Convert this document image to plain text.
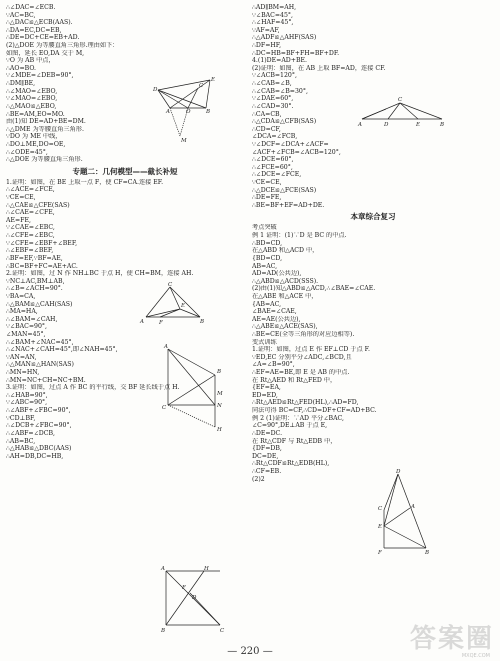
∴∠DAC=∠ECB.
∵AC=BC,
∴△DAC≌△ECB(AAS).
∴DA=EC,DC=EB,
∴DE=DC+CE=EB+AD.
(2)△DOE 为等腰直角三角形.理由如下：
如图，延长 EO,DA 交于 M,
∵O 为 AB 中点，
∴AO=BO.
∵∠MDE=∠DEB=90°,
∴DM∥BE,
∴∠MAO=∠EBO,
∵∠MAO=∠EBO,
∴△MAO≌△EBO,
∴BE=AM,EO=MO.
由(1)知 DE=AD+BE=DM.
∴△DME 为等腰直角三角形.
∵DO 为 ME 中线，
∴DO⊥ME,DO=OE,
∴∠ODE=45°,
∴△DOE 为等腰直角三角形.
专题二：几何模型——截长补短
1.证明：如图，在 BE 上取一点 F，使 CF=CA.连接 EF.
∴∠ACE=∠FCE,
∵CE=CE,
∴△CAE≌△CFE(SAS)
∴∠CAE=∠CFE,
AE=FE,
∵∠CAE=∠EBC,
∴∠CFE=∠EBC,
∵∠CFE=∠EBF+∠BEF,
∴∠EBF=∠BEF,
∴BF=EF,∵BF=AE,
∴BC=BF+FC=AE+AC.
2.证明：如图，过 N 作 NH⊥BC 于点 H，使 CH=BM，连接 AH.
∵NC⊥AC,BM⊥AB,
∴∠B=∠ACH=90°.
∵BA=CA,
∴△BAM≌△CAH(SAS)
∴MA=HA,
∴∠BAM=∠CAH,
∵∠BAC=90°,
∠MAN=45°,
∴∠BAM+∠NAC=45°,
∴∠NAC+∠CAH=45°,即∠NAH=45°,
∵AN=AN,
∴△MAN≌△HAN(SAS)
∴MN=HN,
∴MN=NC+CH=NC+BM.
3.证明：如图，过点 A 作 BC 的平行线，交 BF 延长线于点 H.
∴∠HAB=90°,
∵∠ABC=90°,
∴∠ABF+∠FBC=90°,
∵CD⊥BF,
∴∠DCB+∠FBC=90°,
∴∠ABF=∠DCB,
∴AB=BC,
∴△HAB≌△DBC(AAS)
∴AH=DB,DC=HB,
∴AD∥BM=AH,
∵∠BAC=45°,
∴∠HAF=45°,
∵AF=AF,
∴△ADF≌△AHF(SAS)
∴DF=HF,
∴DC=HB=BF+FH=BF+DF.
4.(1)DE=AD+BE.
(2)证明：如图，在 AB 上取 BF=AD，连接 CF.
∵∠ACB=120°,
∴∠CAB=∠B,
∴∠CAB=∠B=30°,
∵∠DAE=60°,
∴∠CAD=30°.
∴CA=CB,
∴△CDA≌△CFB(SAS)
∴CD=CF,
∠DCA=∠FCB,
∵∠DCF=∠DCA+∠ACF=
∠ACF+∠FCB=∠ACB=120°,
∴∠DCE=60°,
∴∠FCE=60°,
∴∠DCE=∠FCE,
∵CE=CE,
∴△DCE≌△FCE(SAS)
∴DE=FE,
∴BE=BF+EF=AD+DE.
本章综合复习
考点突破
例 1 证明：(1)∵D 是 BC 的中点.
∴BD=CD,
在△ABD 和△ACD 中，
{BD=CD,
AB=AC,
AD=AD(公共边),
∴△ABD≌△ACD(SSS).
(2)由(1)知△ABD≌△ACD,∴∠BAE=∠CAE.
在△ABE 和△ACE 中，
{AB=AC,
∠BAE=∠CAE,
AE=AE(公共边),
∴△ABE≌△ACE(SAS),
∴BE=CE(全等三角形的对应边相等).
变式训练
1.证明：如图，过点 E 作 EF⊥CD 于点 F.
∵ED,EC 分别平分∠ADC,∠BCD,且
∠A=∠B=90°,
∴EF=AE=BE,即 E 是 AB 的中点.
在 Rt△AED 和 Rt△FED 中，
{EF=EA,
ED=ED,
∴Rt△AED≌Rt△FED(HL),∴AD=FD,
同法可得 BC=CF,∴CD=DF+CF=AD+BC.
例 2 (1)证明：∵AD 平分∠BAC,
∠C=90°,DE⊥AB 于点 E,
∴DE=DC.
在 Rt△CDF 与 Rt△EDB 中，
{DF=DB,
DC=DE,
∴Rt△CDF≌Rt△EDB(HL),
∴CF=EB.
(2)2
E
D
A	O	B
C
M
C
A	B
D	E
C
E
F
A	B
A
C
B
M
N
H
D
C	A
F	B
E
A	H
F
B
D
C
— 220 —	答案圈
MXQE.COM
